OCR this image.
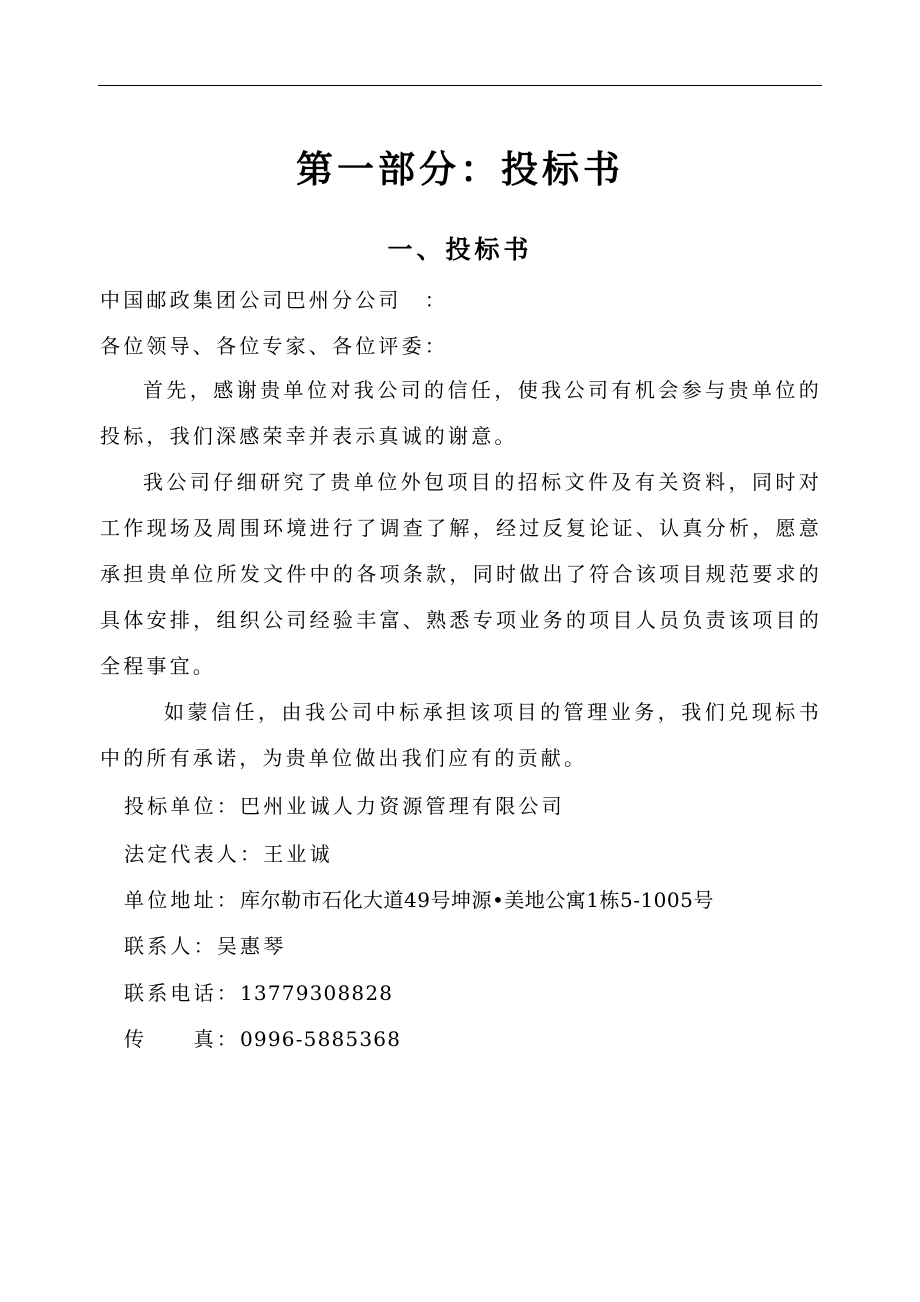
第一部分：投标书
一、投标书
中国邮政集团公司巴州分公司　：
各位领导、各位专家、各位评委：
首先，感谢贵单位对我公司的信任，使我公司有机会参与贵单位的投标，我们深感荣幸并表示真诚的谢意。
我公司仔细研究了贵单位外包项目的招标文件及有关资料，同时对工作现场及周围环境进行了调查了解，经过反复论证、认真分析，愿意承担贵单位所发文件中的各项条款，同时做出了符合该项目规范要求的具体安排，组织公司经验丰富、熟悉专项业务的项目人员负责该项目的全程事宜。
如蒙信任，由我公司中标承担该项目的管理业务，我们兑现标书中的所有承诺，为贵单位做出我们应有的贡献。
投标单位：巴州业诚人力资源管理有限公司
法定代表人：王业诚
单位地址：库尔勒市石化大道49号坤源•美地公寓1栋5-1005号
联系人：吴惠琴
联系电话：13779308828
传　　真：0996-5885368
